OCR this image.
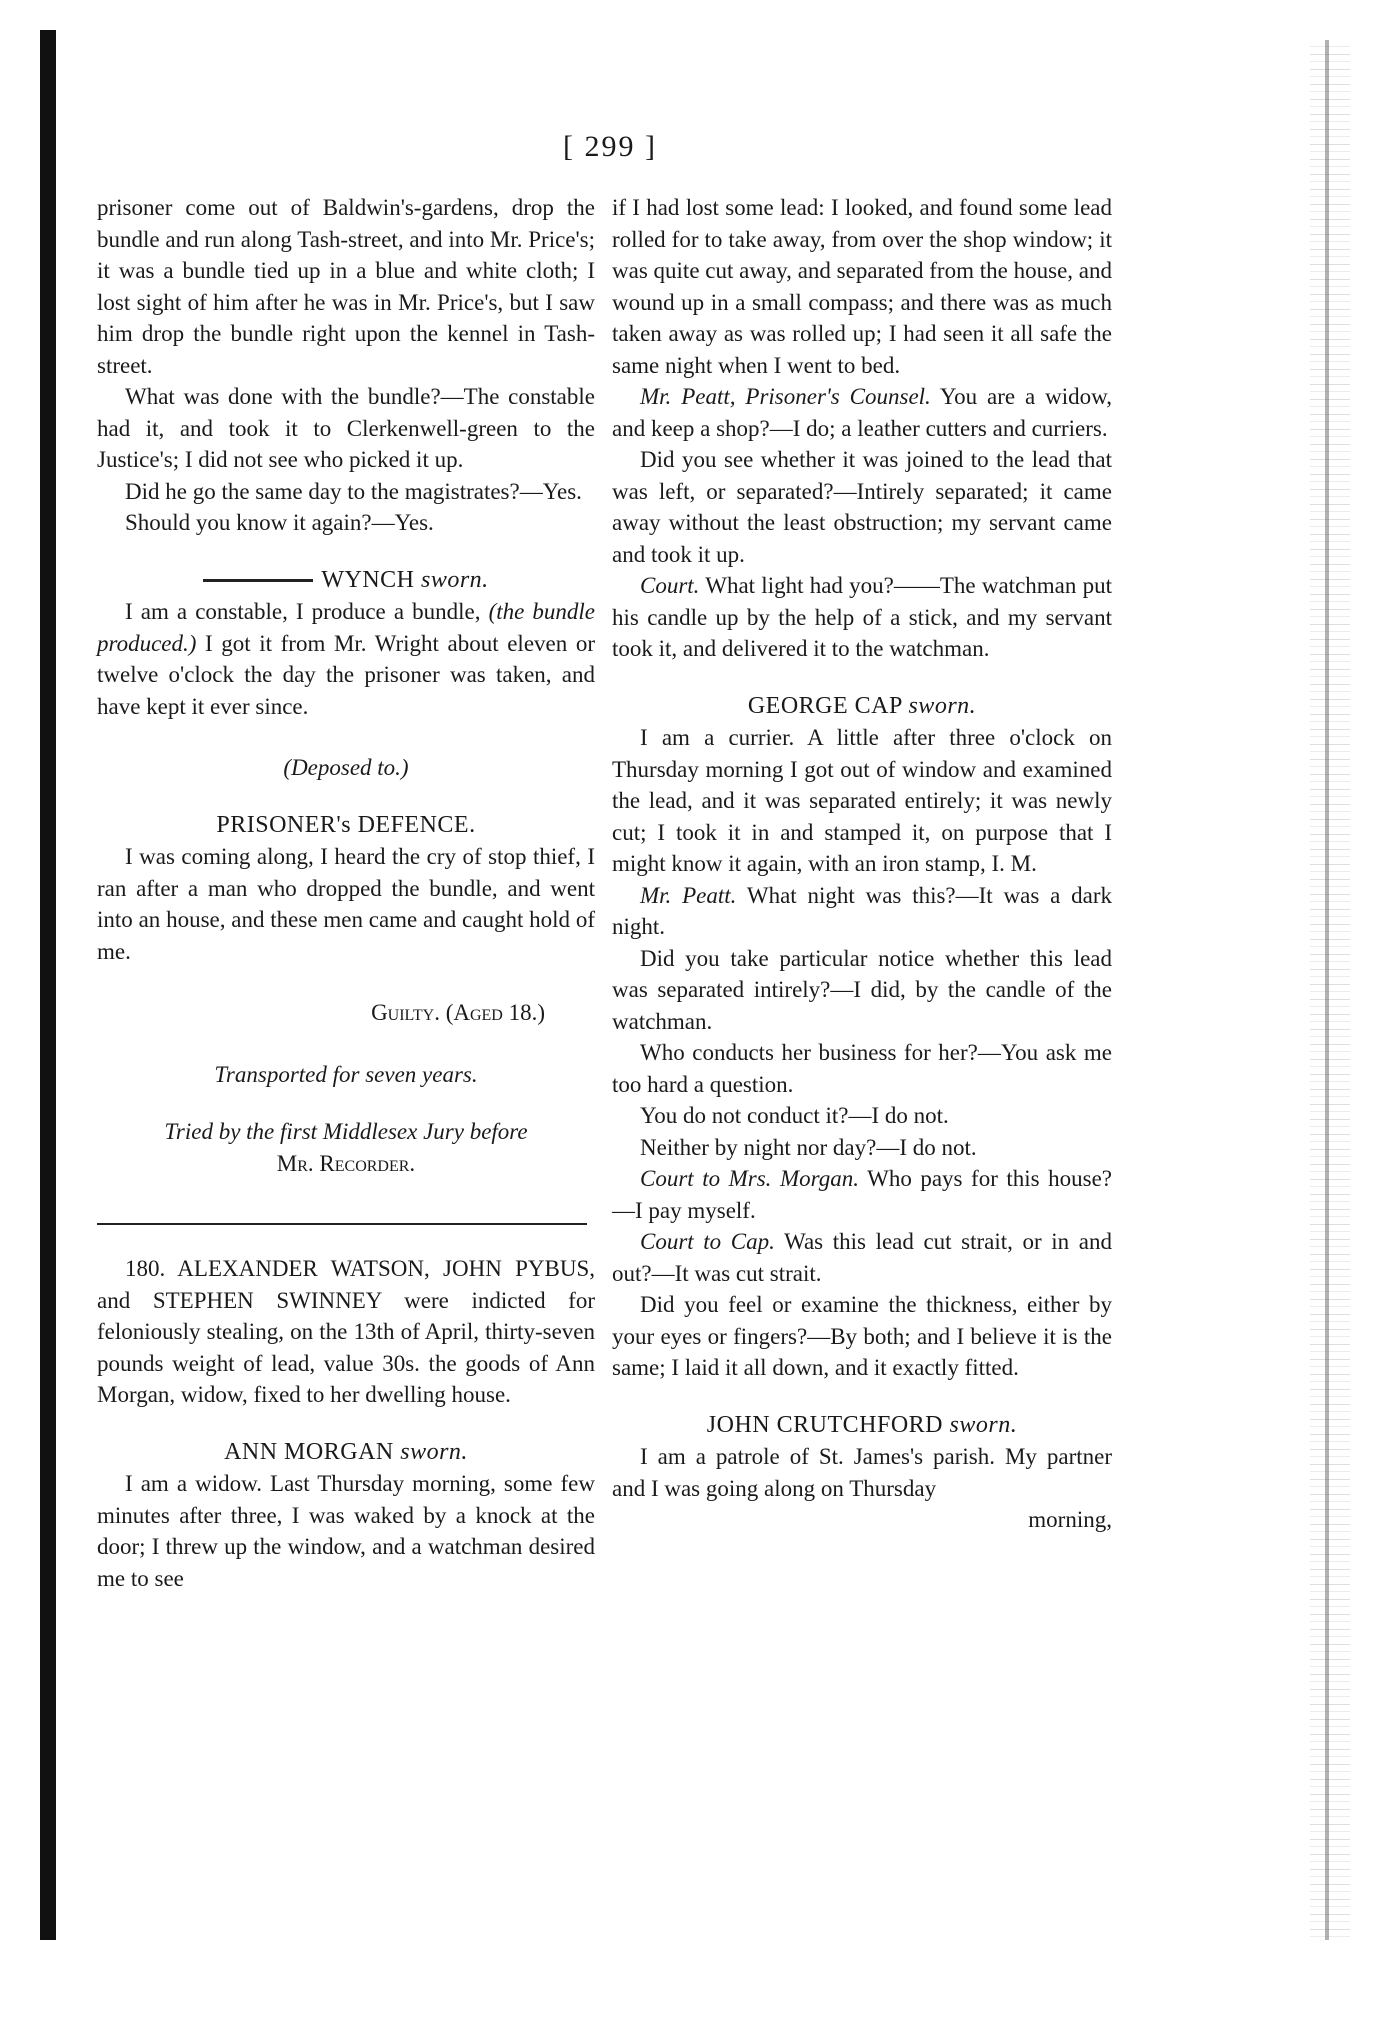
[ 299 ]

prisoner come out of Baldwin's-gardens, drop the bundle and run along Tash-street, and into Mr. Price's; it was a bundle tied up in a blue and white cloth; I lost sight of him after he was in Mr. Price's, but I saw him drop the bundle right upon the kennel in Tash-street.

What was done with the bundle?—The constable had it, and took it to Clerkenwell-green to the Justice's; I did not see who picked it up.

Did he go the same day to the magistrates?—Yes.

Should you know it again?—Yes.

WYNCH sworn.

I am a constable, I produce a bundle, (the bundle produced.) I got it from Mr. Wright about eleven or twelve o'clock the day the prisoner was taken, and have kept it ever since.

(Deposed to.)
PRISONER's DEFENCE.

I was coming along, I heard the cry of stop thief, I ran after a man who dropped the bundle, and went into an house, and these men came and caught hold of me.

Guilty. (Aged 18.)
Transported for seven years.
Tried by the first Middlesex Jury before
Mr. Recorder.

180. ALEXANDER WATSON, JOHN PYBUS, and STEPHEN SWINNEY were indicted for feloniously stealing, on the 13th of April, thirty-seven pounds weight of lead, value 30s. the goods of Ann Morgan, widow, fixed to her dwelling house.

ANN MORGAN sworn.

I am a widow. Last Thursday morning, some few minutes after three, I was waked by a knock at the door; I threw up the window, and a watchman desired me to see

if I had lost some lead: I looked, and found some lead rolled for to take away, from over the shop window; it was quite cut away, and separated from the house, and wound up in a small compass; and there was as much taken away as was rolled up; I had seen it all safe the same night when I went to bed.

Mr. Peatt, Prisoner's Counsel. You are a widow, and keep a shop?—I do; a leather cutters and curriers.

Did you see whether it was joined to the lead that was left, or separated?—Intirely separated; it came away without the least obstruction; my servant came and took it up.

Court. What light had you?——The watchman put his candle up by the help of a stick, and my servant took it, and delivered it to the watchman.

GEORGE CAP sworn.

I am a currier. A little after three o'clock on Thursday morning I got out of window and examined the lead, and it was separated entirely; it was newly cut; I took it in and stamped it, on purpose that I might know it again, with an iron stamp, I. M.

Mr. Peatt. What night was this?—It was a dark night.

Did you take particular notice whether this lead was separated intirely?—I did, by the candle of the watchman.

Who conducts her business for her?—You ask me too hard a question.

You do not conduct it?—I do not.

Neither by night nor day?—I do not.

Court to Mrs. Morgan. Who pays for this house?—I pay myself.

Court to Cap. Was this lead cut strait, or in and out?—It was cut strait.

Did you feel or examine the thickness, either by your eyes or fingers?—By both; and I believe it is the same; I laid it all down, and it exactly fitted.

JOHN CRUTCHFORD sworn.

I am a patrole of St. James's parish. My partner and I was going along on Thursday

morning,
